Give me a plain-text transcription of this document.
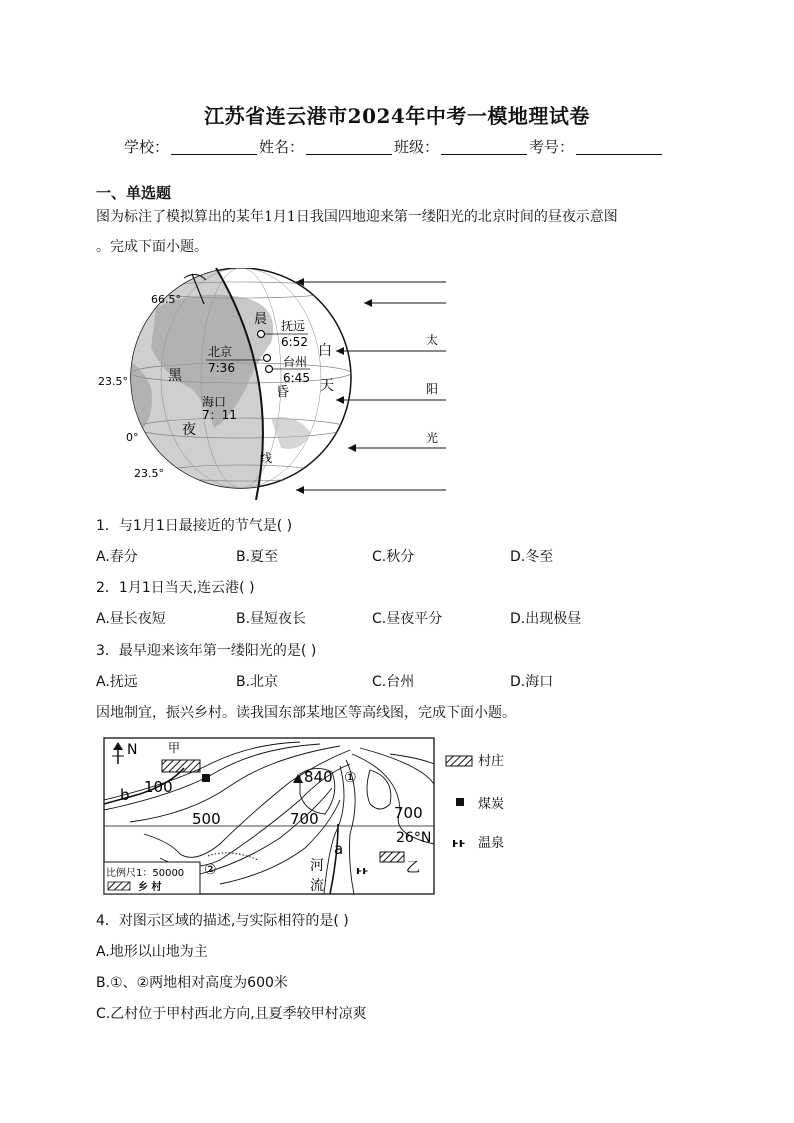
江苏省连云港市2024年中考一模地理试卷
学校：	姓名：	班级：	考号：
一、单选题
图为标注了模拟算出的某年1月1日我国四地迎来第一缕阳光的北京时间的昼夜示意图
。完成下面小题。
66.5°
23.5°
0°
23.5°
黑
夜
白
天
晨
昏
线
太
阳
光
抚远
6:52
北京
7:36	台州
6:45
海口
7：11
1．与1月1日最接近的节气是( )
A.春分	B.夏至	C.秋分	D.冬至
2．1月1日当天,连云港( )
A.昼长夜短	B.昼短夜长	C.昼夜平分	D.出现极昼
3．最早迎来该年第一缕阳光的是( )
A.抚远	B.北京	C.台州	D.海口
因地制宜，振兴乡村。读我国东部某地区等高线图，完成下面小题。
N	甲
乙
b
a
100
500	700	700
840 ①
②
26°N
河
流
ⱶⱶ
比例尺1：50000
乡 村
村庄
煤炭
ⱶⱶ 温泉
4．对图示区域的描述,与实际相符的是( )
A.地形以山地为主
B.①、②两地相对高度为600米
C.乙村位于甲村西北方向,且夏季较甲村凉爽
